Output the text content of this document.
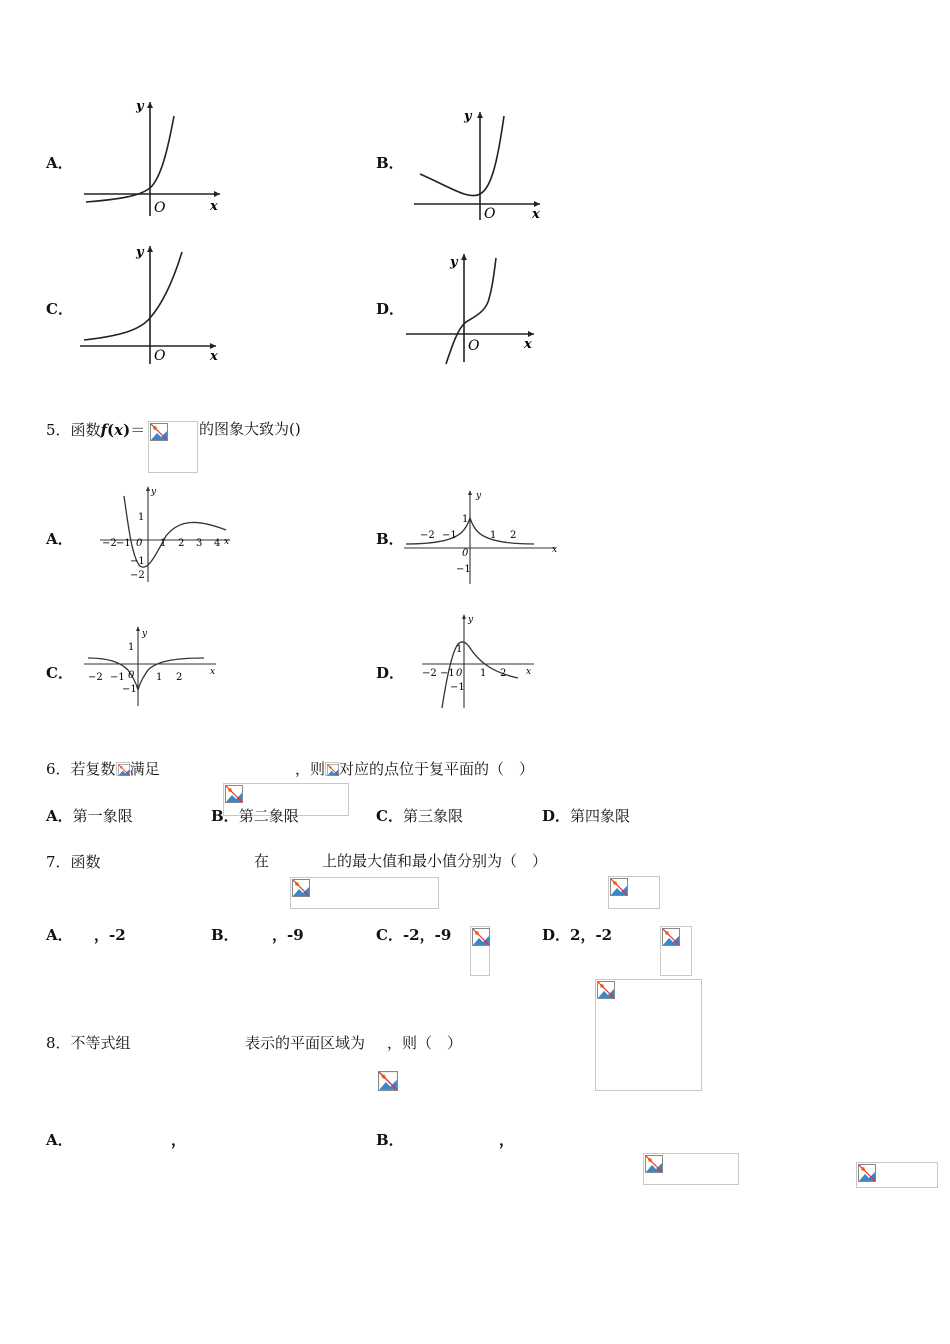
A．
y
x
O
B．
y
x
O
C．
y
x
O
D．
y
x
O
5．函数f(x)＝
	的图象大致为()
A．
y
x
1
−2 −1 0 1 2 3 4
−1
−2
B．
y
x
−2 −1
1
1 2
0
−1
C．
y
x
1
−2 −1 0 1 2
−1
D．
y
x
1
−2 −1 0 1 2
−1
6．若复数 满足
	，则 对应的点位于复平面的（　）
A．第一象限	B．第二象限	C．第三象限	D．第四象限
7．函数
	在
	上的最大值和最小值分别为（　）
A．
，-2	B．
，-9	C．-2，-9	D．2，-2
8．不等式组
	表示的平面区域为 ，则（　）
A．
	，
	B．
	，
